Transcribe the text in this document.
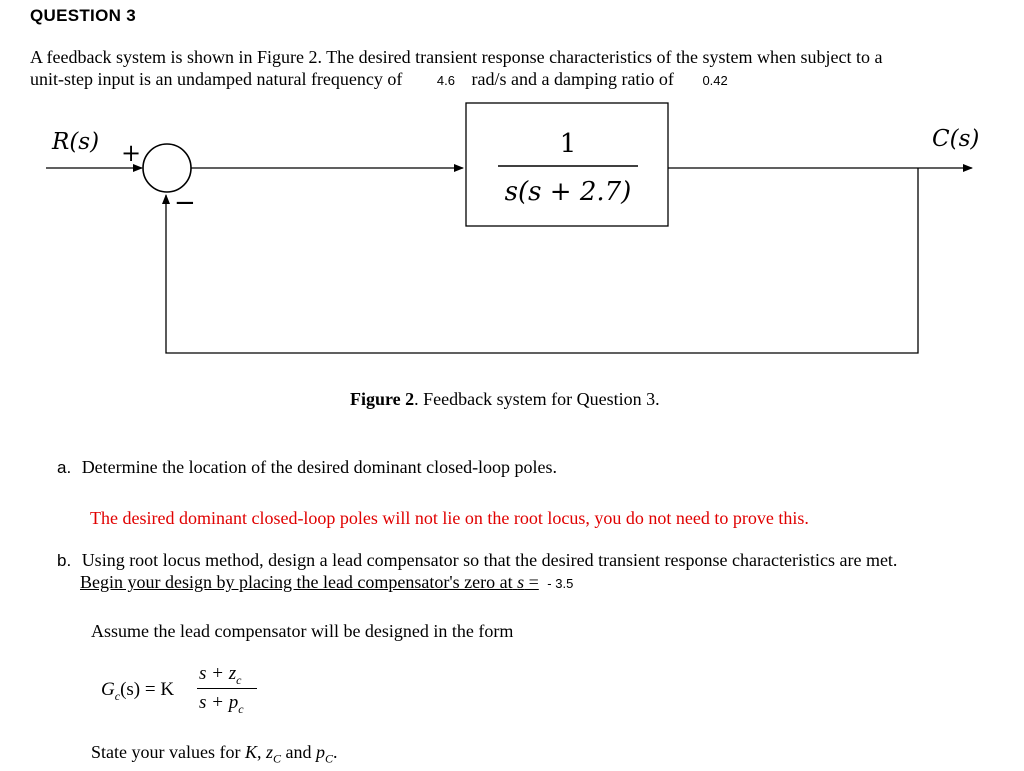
QUESTION 3
A feedback system is shown in Figure 2. The desired transient response characteristics of the system when subject to a
unit-step input is an undamped natural frequency of	4.6 rad/s and a damping ratio of 0.42
R(s) +
−
C(s)
1
s(s + 2.7)
Figure 2. Feedback system for Question 3.
a. Determine the location of the desired dominant closed-loop poles.
The desired dominant closed-loop poles will not lie on the root locus, you do not need to prove this.
b. Using root locus method, design a lead compensator so that the desired transient response characteristics are met.
Begin your design by placing the lead compensator's zero at s = - 3.5
Assume the lead compensator will be designed in the form
$G_c(s) = K$
$s + z_c$
$s + p_c$
State your values for K, $z_C$ and $p_C$.
